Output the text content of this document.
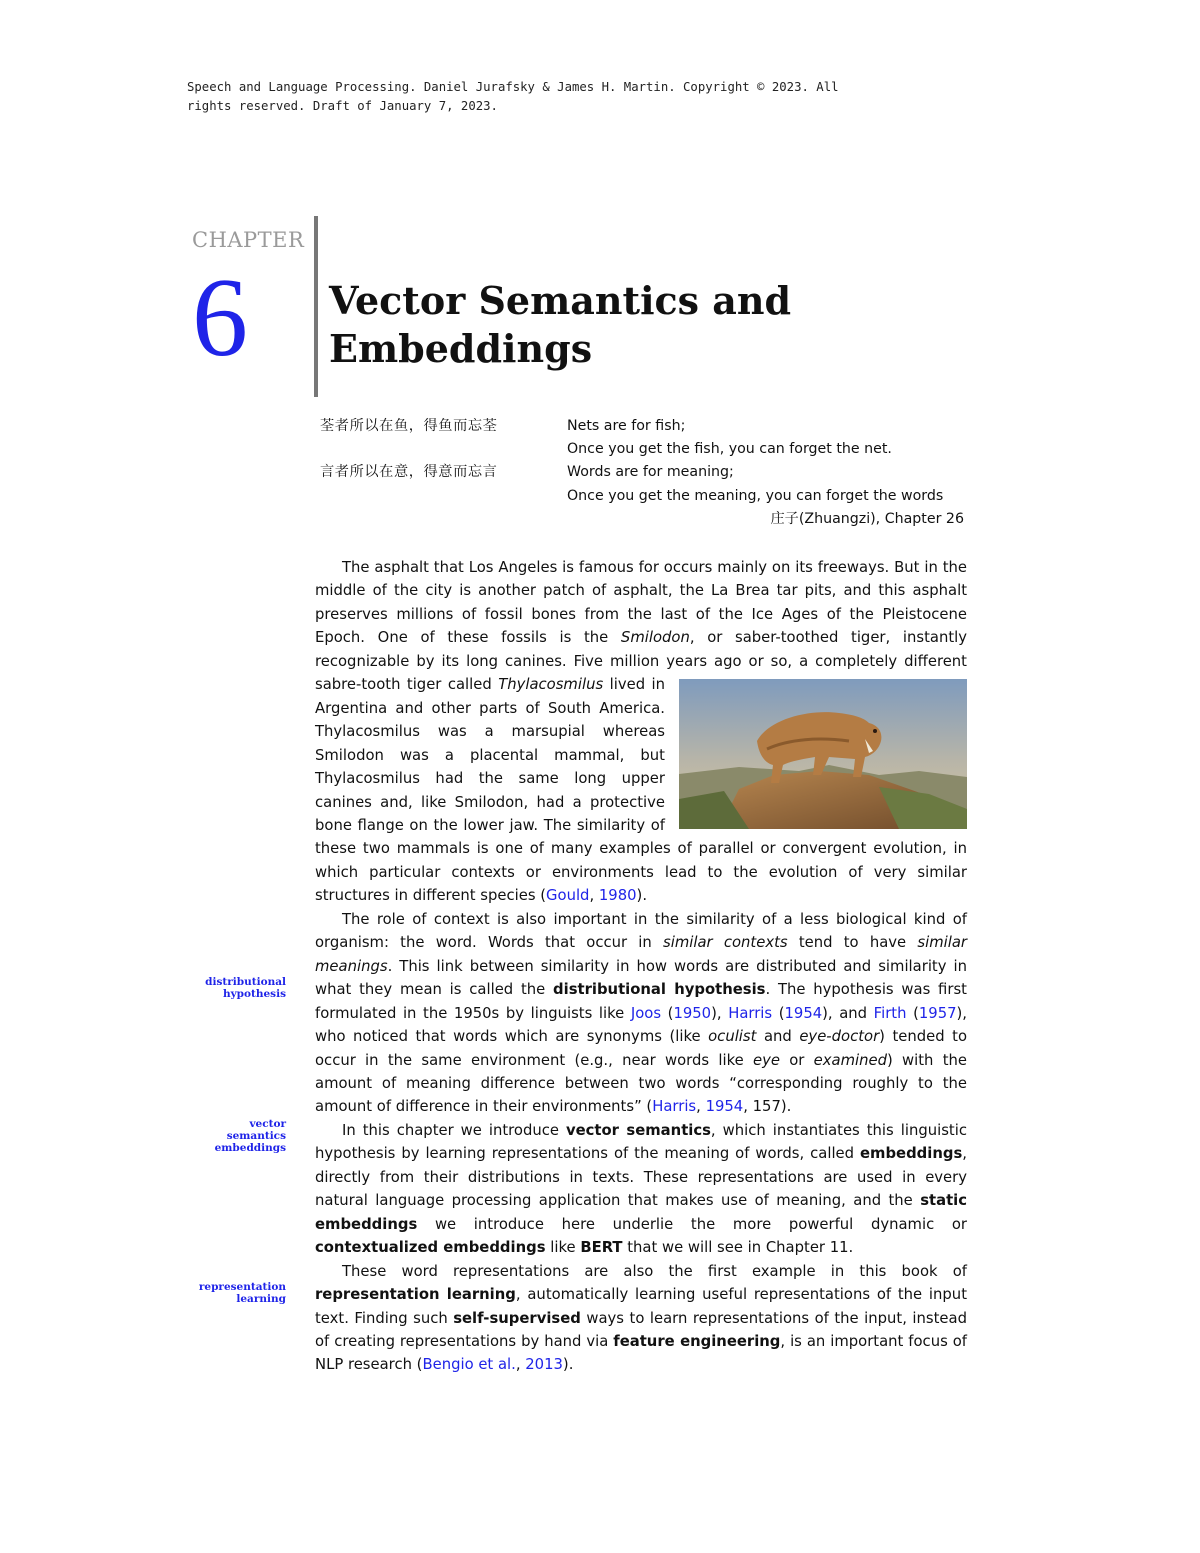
Speech and Language Processing. Daniel Jurafsky & James H. Martin. Copyright © 2023. All
rights reserved. Draft of January 7, 2023.
CHAPTER
6 Vector Semantics and
Embeddings
荃者所以在鱼，得鱼而忘荃	Nets are for fish;
Once you get the fish, you can forget the net.
言者所以在意，得意而忘言	Words are for meaning;
Once you get the meaning, you can forget the words
庄子(Zhuangzi), Chapter 26
distributional
hypothesis
vector
semantics
embeddings
representation
learning

The asphalt that Los Angeles is famous for occurs mainly on its freeways. But in the middle of the city is another patch of asphalt, the La Brea tar pits, and this asphalt preserves millions of fossil bones from the last of the Ice Ages of the Pleistocene Epoch. One of these fossils is the Smilodon, or saber-toothed tiger, instantly recognizable by its long canines. Five million years ago or so, a completely different sabre-tooth tiger called
Thylacosmilus lived in Argentina and other parts of South America. Thylacosmilus was a marsupial whereas Smilodon was a placental mammal, but Thylacosmilus had the same long upper canines and, like Smilodon, had a protective bone flange on the lower jaw. The similarity of these two mammals is one of many examples of parallel or convergent evolution, in which particular contexts or environments lead to the evolution of very similar structures in different species (Gould, 1980).

The role of context is also important in the similarity of a less biological kind of organism: the word. Words that occur in similar contexts tend to have similar meanings. This link between similarity in how words are distributed and similarity in what they mean is called the distributional hypothesis. The hypothesis was first formulated in the 1950s by linguists like Joos (1950), Harris (1954), and Firth (1957), who noticed that words which are synonyms (like oculist and eye-doctor) tended to occur in the same environment (e.g., near words like eye or examined) with the amount of meaning difference between two words “corresponding roughly to the amount of difference in their environments” (Harris, 1954, 157).

In this chapter we introduce vector semantics, which instantiates this linguistic hypothesis by learning representations of the meaning of words, called embeddings, directly from their distributions in texts. These representations are used in every natural language processing application that makes use of meaning, and the static embeddings we introduce here underlie the more powerful dynamic or contextualized embeddings like BERT that we will see in Chapter 11.

These word representations are also the first example in this book of representation learning, automatically learning useful representations of the input text. Finding such self-supervised ways to learn representations of the input, instead of creating representations by hand via feature engineering, is an important focus of NLP research (Bengio et al., 2013).
